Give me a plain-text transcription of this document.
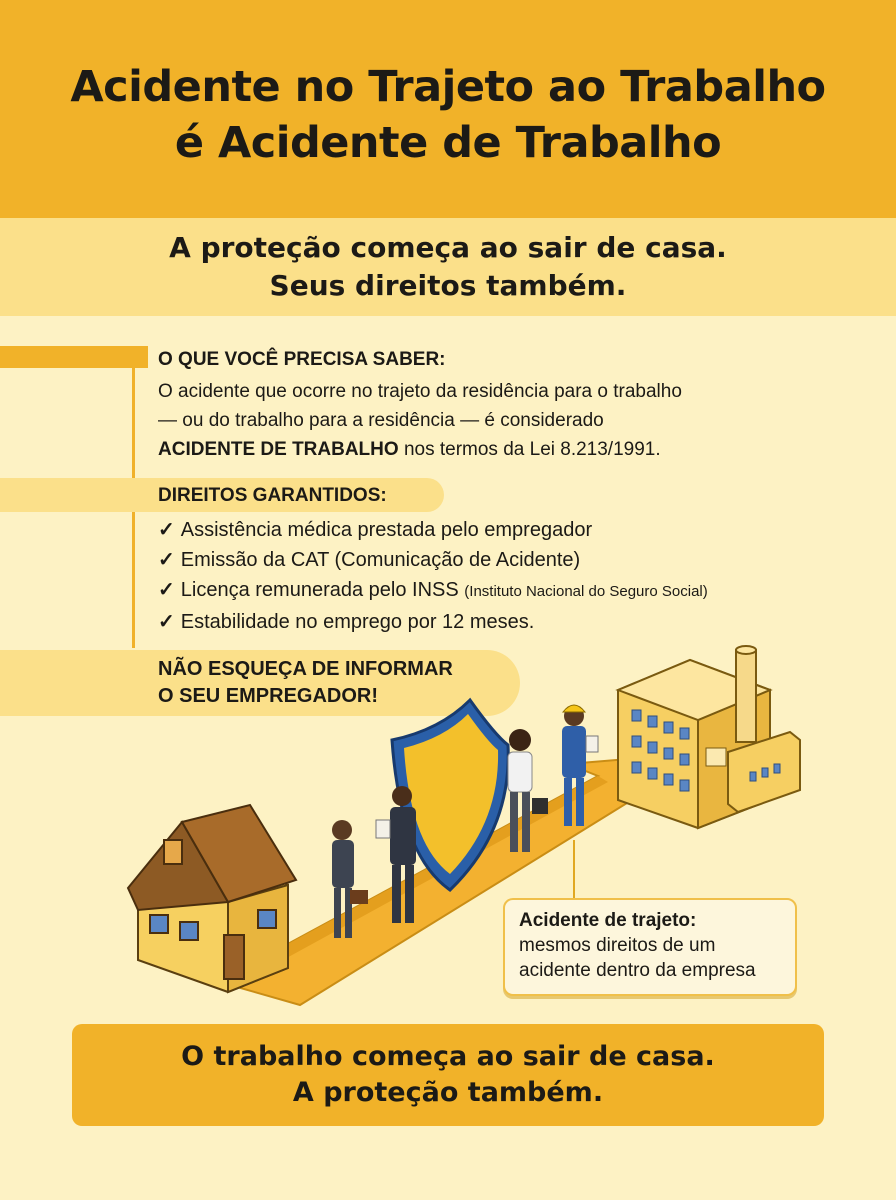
Acidente no Trajeto ao Trabalho
é Acidente de Trabalho

A proteção começa ao sair de casa.
Seus direitos também.

O QUE VOCÊ PRECISA SABER:
O acidente que ocorre no trajeto da residência para o trabalho
— ou do trabalho para a residência — é considerado
ACIDENTE DE TRABALHO nos termos da Lei 8.213/1991.
DIREITOS GARANTIDOS:
✓ Assistência médica prestada pelo empregador
✓ Emissão da CAT (Comunicação de Acidente)
✓ Licença remunerada pelo INSS (Instituto Nacional do Seguro Social)
✓ Estabilidade no emprego por 12 meses.
NÃO ESQUEÇA DE INFORMAR
O SEU EMPREGADOR!
Acidente de trajeto:
mesmos direitos de um
acidente dentro da empresa

O trabalho começa ao sair de casa.
A proteção também.
